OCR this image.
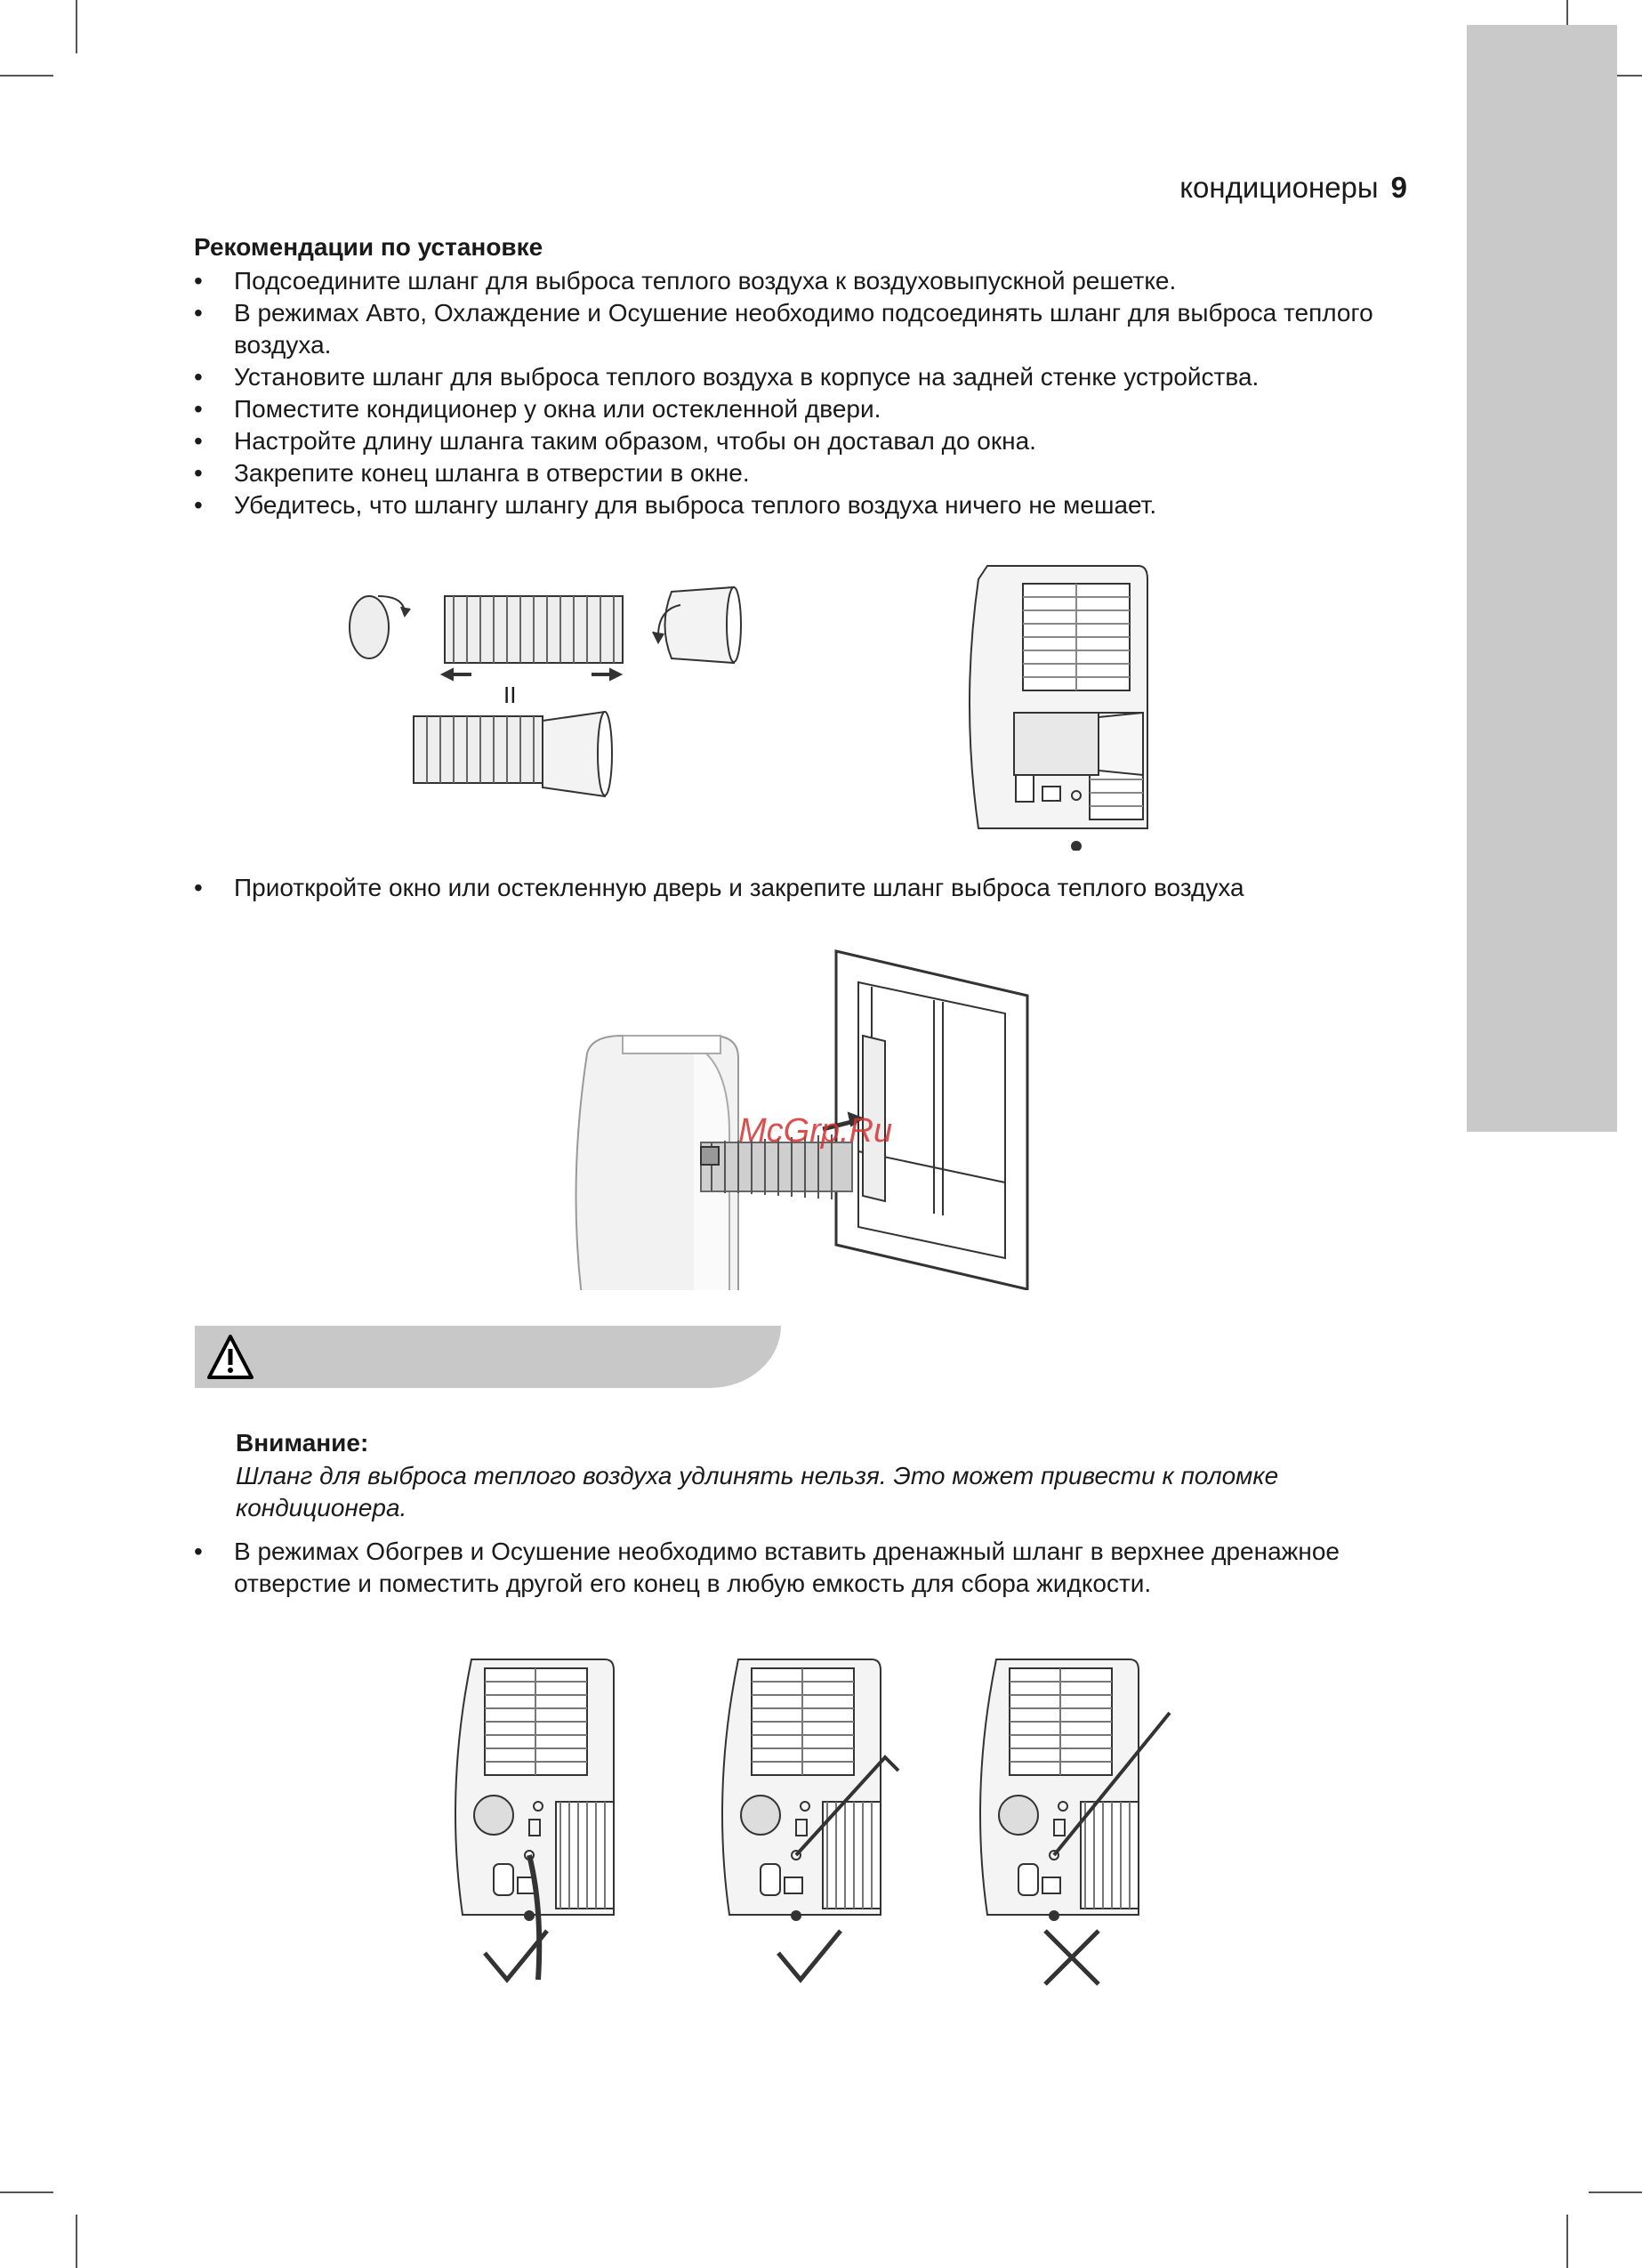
кондиционеры 9
Рекомендации по установке
• Подсоедините шланг для выброса теплого воздуха к воздуховыпускной решетке.
• В режимах Авто, Охлаждение и Осушение необходимо подсоединять шланг для выброса теплого воздуха.
• Установите шланг для выброса теплого воздуха в корпусе на задней стенке устройства.
• Поместите кондиционер у окна или остекленной двери.
• Настройте длину шланга таким образом, чтобы он доставал до окна.
• Закрепите конец шланга в отверстии в окне.
• Убедитесь, что шлангу шлангу для выброса теплого воздуха ничего не мешает.
II
• Приоткройте окно или остекленную дверь и закрепите шланг выброса теплого воздуха
McGrp.Ru
Внимание:
Шланг для выброса теплого воздуха удлинять нельзя. Это может привести к поломке кондиционера.
• В режимах Обогрев и Осушение необходимо вставить дренажный шланг в верхнее дренажное отверстие и поместить другой его конец в любую емкость для сбора жидкости.
